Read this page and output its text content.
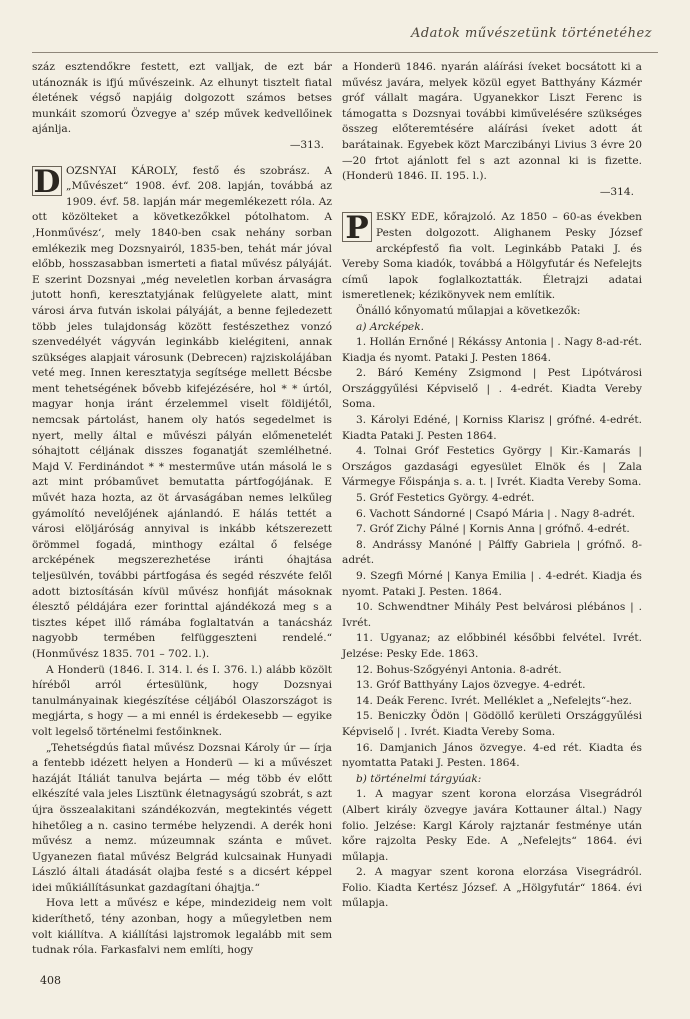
Adatok művészetünk történetéhez

száz esztendőkre festett, ezt valljak, de ezt bár utánoznák is ifjú művészeink. Az elhunyt tisztelt fiatal életének végső napjáig dolgozott számos betses munkáit szomorú Özvegye a' szép művek kedvellőinek ajánlja.

—313.

D OZSNYAI KÁROLY, festő és szobrász. A „Művészet“ 1908. évf. 208. lapján, továbbá az 1909. évf. 58. lapján már megemlékezett róla. Az ott közölteket a következőkkel pótolhatom. A ‚Honművész‘, mely 1840-ben csak nehány sorban emlékezik meg Dozsnyairól, 1835-ben, tehát már jóval előbb, hosszasabban ismerteti a fiatal művész pályáját. E szerint Dozsnyai „még neveletlen korban árvaságra jutott honfi, keresztatyjának felügyelete alatt, mint városi árva futván iskolai pályáját, a benne fejledezett több jeles tulajdonság között festészethez vonzó szenvedélyét vágyván leginkább kielégiteni, annak szükséges alapjait városunk (Debrecen) rajziskolájában veté meg. Innen keresztatyja segítsége mellett Bécsbe ment tehetségének bővebb kifejézésére, hol * * úrtól, magyar honja iránt érzelemmel viselt földijétől, nemcsak pártolást, hanem oly hatós segedelmet is nyert, melly által e művészi pályán előmenetelét sóhajtott céljának disszes foganatját szemlélhetné. Majd V. Ferdinándot * * mesterműve után másolá le s azt mint próbaművet bemutatta pártfogójának. E művét haza hozta, az öt árvaságában nemes lelkűleg gyámolító nevelőjének ajánlandó. E hálás tettét a városi elöljáróság annyival is inkább kétszerezett örömmel fogadá, minthogy ezáltal ő felsége arcképének megszerezhetése iránti óhajtása teljesülvén, további pártfogása és segéd részvéte felől adott biztosításán kívül művész honfiját másoknak élesztő példájára ezer forinttal ajándékozá meg s a tisztes képet illő rámába foglaltatván a tanácsház nagyobb termében felfüggeszteni rendelé.“ (Honművész 1835. 701 – 702. l.).

A Honderü (1846. I. 314. l. és I. 376. l.) alább közölt híréből arról értesülünk, hogy Dozsnyai tanulmányainak kiegészítése céljából Olaszországot is megjárta, s hogy — a mi ennél is érdekesebb — egyike volt legelső történelmi festőinknek.

„Tehetségdús fiatal művész Dozsnai Károly úr — írja a fentebb idézett helyen a Honderü — ki a művészet hazáját Itáliát tanulva bejárta — még több év előtt elkészíté vala jeles Lisztünk életnagyságú szobrát, s azt újra összealakitani szándékozván, megtekintés végett hihetőleg a n. casino termébe helyzendi. A derék honi művész a nemz. múzeumnak szánta e művet. Ugyanezen fiatal művész Belgrád kulcsainak Hunyadi László általi átadását olajba festé s a dicsért képpel idei műkiállításunkat gazdagítani óhajtja.“

Hova lett a művész e képe, mindezideig nem volt kideríthető, tény azonban, hogy a műegyletben nem volt kiállítva. A kiállítási lajstromok legalább mit sem tudnak róla. Farkasfalvi nem említi, hogy

a Honderü 1846. nyarán aláírási íveket bocsátott ki a művész javára, melyek közül egyet Batthyány Kázmér gróf vállalt magára. Ugyanekkor Liszt Ferenc is támogatta s Dozsnyai további kiművelésére szükséges összeg előteremtésére aláírási íveket adott át barátainak. Egyebek közt Marczibányi Livius 3 évre 20—20 frtot ajánlott fel s azt azonnal ki is fizette. (Honderü 1846. II. 195. l.).

—314.

P ESKY EDE, kőrajzoló. Az 1850 – 60-as években Pesten dolgozott. Alighanem Pesky József arcképfestő fia volt. Leginkább Pataki J. és Vereby Soma kiadók, továbbá a Hölgyfutár és Nefelejts című lapok foglalkoztatták. Életrajzi adatai ismeretlenek; kézikönyvek nem említik.

Önálló kőnyomatú műlapjai a következők:

a) Arcképek.

1. Hollán Ernőné | Rékássy Antonia | . Nagy 8-ad-rét. Kiadja és nyomt. Pataki J. Pesten 1864.

2. Báró Kemény Zsigmond | Pest Lipótvárosi Országgyűlési Képviselő | . 4-edrét. Kiadta Vereby Soma.

3. Károlyi Edéné, | Korniss Klarisz | grófné. 4-edrét. Kiadta Pataki J. Pesten 1864.

4. Tolnai Gróf Festetics György | Kir.-Kamarás | Országos gazdasági egyesület Elnök és | Zala Vármegye Főispánja s. a. t. | Ivrét. Kiadta Vereby Soma.

5. Gróf Festetics György. 4-edrét.

6. Vachott Sándorné | Csapó Mária | . Nagy 8-adrét.

7. Gróf Zichy Pálné | Kornis Anna | grófnő. 4-edrét.

8. Andrássy Manóné | Pálffy Gabriela | grófnő. 8-adrét.

9. Szegfi Mórné | Kanya Emilia | . 4-edrét. Kiadja és nyomt. Pataki J. Pesten. 1864.

10. Schwendtner Mihály Pest belvárosi plébános | . Ivrét.

11. Ugyanaz; az előbbinél későbbi felvétel. Ivrét. Jelzése: Pesky Ede. 1863.

12. Bohus-Szőgyényi Antonia. 8-adrét.

13. Gróf Batthyány Lajos özvegye. 4-edrét.

14. Deák Ferenc. Ivrét. Melléklet a „Nefelejts“-hez.

15. Beniczky Ödön | Gödöllő kerületi Országgyűlési Képviselő | . Ivrét. Kiadta Vereby Soma.

16. Damjanich János özvegye. 4-ed rét. Kiadta és nyomtatta Pataki J. Pesten. 1864.

b) történelmi tárgyúak:

1. A magyar szent korona elorzása Visegrádról (Albert király özvegye javára Kottauner által.) Nagy folio. Jelzése: Kargl Károly rajztanár festménye után kőre rajzolta Pesky Ede. A „Nefelejts“ 1864. évi műlapja.

2. A magyar szent korona elorzása Visegrádról. Folio. Kiadta Kertész József. A „Hölgyfutár“ 1864. évi műlapja.

408
